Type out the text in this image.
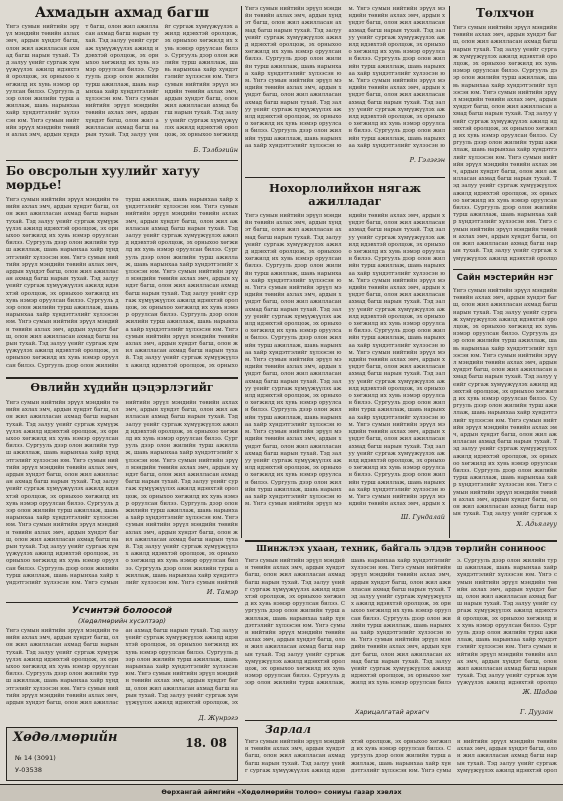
Ахмадын ахмад багш
Үнгэ сумын нийтийн эрүүл мэндийн төвийн ахлах эмч, ардын хүндэт багш, олон жил ажилласан ахмад багш нарын тухай. Тэд залуу үеийг сургаж хүмүүжүүлэх ажилд идэвхтэй оролцож, эх орныхоо хөгжилд их хувь нэмэр оруулсан билээ. Сургууль дээр олон жилийн турш ажиллаж, шавь нарынхаа хайр хүндэтгэлийг хүлээсэн юм. Үнгэ сумын нийтийн эрүүл мэндийн төвийн ахлах эмч, ардын хүндэт багш, олон жил ажилласан ахмад багш нарын тухай. Тэд залуу үеийг сургаж хүмүүжүүлэх ажилд идэвхтэй оролцож, эх орныхоо хөгжилд их хувь нэмэр оруулсан билээ. Сургууль дээр олон жилийн турш ажиллаж, шавь нарынхаа хайр хүндэтгэлийг хүлээсэн юм. Үнгэ сумын нийтийн эрүүл мэндийн төвийн ахлах эмч, ардын хүндэт багш, олон жил ажилласан ахмад багш нарын тухай. Тэд залуу үеийг сургаж хүмүүжүүлэх ажилд идэвхтэй оролцож, эх орныхоо хөгжилд их хувь нэмэр оруулсан билээ. Сургууль дээр олон жилийн турш ажиллаж, шавь нарынхаа хайр хүндэтгэлийг хүлээсэн юм. Үнгэ сумын нийтийн эрүүл мэндийн төвийн ахлах эмч, ардын хүндэт багш, олон жил ажилласан ахмад багш нарын тухай. Тэд залуу үеийг сургаж хүмүүжүүлэх ажилд идэвхтэй оролцож, эх орныхоо хөгжилд
Б. Тэлбэгийн
Бо овсролын хуулийг хатуу мөрдье!
Үнгэ сумын нийтийн эрүүл мэндийн төвийн ахлах эмч, ардын хүндэт багш, олон жил ажилласан ахмад багш нарын тухай. Тэд залуу үеийг сургаж хүмүүжүүлэх ажилд идэвхтэй оролцож, эх орныхоо хөгжилд их хувь нэмэр оруулсан билээ. Сургууль дээр олон жилийн турш ажиллаж, шавь нарынхаа хайр хүндэтгэлийг хүлээсэн юм. Үнгэ сумын нийтийн эрүүл мэндийн төвийн ахлах эмч, ардын хүндэт багш, олон жил ажилласан ахмад багш нарын тухай. Тэд залуу үеийг сургаж хүмүүжүүлэх ажилд идэвхтэй оролцож, эх орныхоо хөгжилд их хувь нэмэр оруулсан билээ. Сургууль дээр олон жилийн турш ажиллаж, шавь нарынхаа хайр хүндэтгэлийг хүлээсэн юм. Үнгэ сумын нийтийн эрүүл мэндийн төвийн ахлах эмч, ардын хүндэт багш, олон жил ажилласан ахмад багш нарын тухай. Тэд залуу үеийг сургаж хүмүүжүүлэх ажилд идэвхтэй оролцож, эх орныхоо хөгжилд их хувь нэмэр оруулсан билээ. Сургууль дээр олон жилийн турш ажиллаж, шавь нарынхаа хайр хүндэтгэлийг хүлээсэн юм. Үнгэ сумын нийтийн эрүүл мэндийн төвийн ахлах эмч, ардын хүндэт багш, олон жил ажилласан ахмад багш нарын тухай. Тэд залуу үеийг сургаж хүмүүжүүлэх ажилд идэвхтэй оролцож, эх орныхоо хөгжилд их хувь нэмэр оруулсан билээ. Сургууль дээр олон жилийн турш ажиллаж, шавь нарынхаа хайр хүндэтгэлийг хүлээсэн юм. Үнгэ сумын нийтийн эрүүл мэндийн төвийн ахлах эмч, ардын хүндэт багш, олон жил ажилласан ахмад багш нарын тухай. Тэд залуу үеийг сургаж хүмүүжүүлэх ажилд идэвхтэй оролцож, эх орныхоо хөгжилд их хувь нэмэр оруулсан билээ. Сургууль дээр олон жилийн турш ажиллаж, шавь нарынхаа хайр хүндэтгэлийг хүлээсэн юм. Үнгэ сумын нийтийн эрүүл мэндийн төвийн ахлах эмч, ардын хүндэт багш, олон жил ажилласан ахмад багш нарын тухай. Тэд залуу үеийг сургаж хүмүүжүүлэх ажилд идэвхтэй оролцож, эх орныхо
Өвлийн хүдийн цэцэрлэгийг
Үнгэ сумын нийтийн эрүүл мэндийн төвийн ахлах эмч, ардын хүндэт багш, олон жил ажилласан ахмад багш нарын тухай. Тэд залуу үеийг сургаж хүмүүжүүлэх ажилд идэвхтэй оролцож, эх орныхоо хөгжилд их хувь нэмэр оруулсан билээ. Сургууль дээр олон жилийн турш ажиллаж, шавь нарынхаа хайр хүндэтгэлийг хүлээсэн юм. Үнгэ сумын нийтийн эрүүл мэндийн төвийн ахлах эмч, ардын хүндэт багш, олон жил ажилласан ахмад багш нарын тухай. Тэд залуу үеийг сургаж хүмүүжүүлэх ажилд идэвхтэй оролцож, эх орныхоо хөгжилд их хувь нэмэр оруулсан билээ. Сургууль дээр олон жилийн турш ажиллаж, шавь нарынхаа хайр хүндэтгэлийг хүлээсэн юм. Үнгэ сумын нийтийн эрүүл мэндийн төвийн ахлах эмч, ардын хүндэт багш, олон жил ажилласан ахмад багш нарын тухай. Тэд залуу үеийг сургаж хүмүүжүүлэх ажилд идэвхтэй оролцож, эх орныхоо хөгжилд их хувь нэмэр оруулсан билээ. Сургууль дээр олон жилийн турш ажиллаж, шавь нарынхаа хайр хүндэтгэлийг хүлээсэн юм. Үнгэ сумын нийтийн эрүүл мэндийн төвийн ахлах эмч, ардын хүндэт багш, олон жил ажилласан ахмад багш нарын тухай. Тэд залуу үеийг сургаж хүмүүжүүлэх ажилд идэвхтэй оролцож, эх орныхоо хөгжилд их хувь нэмэр оруулсан билээ. Сургууль дээр олон жилийн турш ажиллаж, шавь нарынхаа хайр хүндэтгэлийг хүлээсэн юм. Үнгэ сумын нийтийн эрүүл мэндийн төвийн ахлах эмч, ардын хүндэт багш, олон жил ажилласан ахмад багш нарын тухай. Тэд залуу үеийг сургаж хүмүүжүүлэх ажилд идэвхтэй оролцож, эх орныхоо хөгжилд их хувь нэмэр оруулсан билээ. Сургууль дээр олон жилийн турш ажиллаж, шавь нарынхаа хайр хүндэтгэлийг хүлээсэн юм. Үнгэ сумын нийтийн эрүүл мэндийн төвийн ахлах эмч, ардын хүндэт багш, олон жил ажилласан ахмад багш нарын тухай. Тэд залуу үеийг сургаж хүмүүжүүлэх ажилд идэвхтэй оролцож, эх орныхоо хөгжилд их хувь нэмэр оруулсан билээ. Сургууль дээр олон жилийн турш ажиллаж, шавь нарынхаа хайр хүндэтгэлийг хүлээсэн юм. Үнгэ сумын нийтий
И. Тамэр
Усчинтэй болоосой
(Хөдөлмөрийн хүсэлтээр)
Үнгэ сумын нийтийн эрүүл мэндийн төвийн ахлах эмч, ардын хүндэт багш, олон жил ажилласан ахмад багш нарын тухай. Тэд залуу үеийг сургаж хүмүүжүүлэх ажилд идэвхтэй оролцож, эх орныхоо хөгжилд их хувь нэмэр оруулсан билээ. Сургууль дээр олон жилийн турш ажиллаж, шавь нарынхаа хайр хүндэтгэлийг хүлээсэн юм. Үнгэ сумын нийтийн эрүүл мэндийн төвийн ахлах эмч, ардын хүндэт багш, олон жил ажилласан ахмад багш нарын тухай. Тэд залуу үеийг сургаж хүмүүжүүлэх ажилд идэвхтэй оролцож, эх орныхоо хөгжилд их хувь нэмэр оруулсан билээ. Сургууль дээр олон жилийн турш ажиллаж, шавь нарынхаа хайр хүндэтгэлийг хүлээсэн юм. Үнгэ сумын нийтийн эрүүл мэндийн төвийн ахлах эмч, ардын хүндэт багш, олон жил ажилласан ахмад багш нарын тухай. Тэд залуу үеийг сургаж хүмүүжүүлэх ажилд идэвхтэй оролцож, эх
Д. Жүнрэгэ
Хөдөлмөрийн
№ 14 (3091)
У-03538
18. 08
Үнгэ сумын нийтийн эрүүл мэндийн төвийн ахлах эмч, ардын хүндэт багш, олон жил ажилласан ахмад багш нарын тухай. Тэд залуу үеийг сургаж хүмүүжүүлэх ажилд идэвхтэй оролцож, эх орныхоо хөгжилд их хувь нэмэр оруулсан билээ. Сургууль дээр олон жилийн турш ажиллаж, шавь нарынхаа хайр хүндэтгэлийг хүлээсэн юм. Үнгэ сумын нийтийн эрүүл мэндийн төвийн ахлах эмч, ардын хүндэт багш, олон жил ажилласан ахмад багш нарын тухай. Тэд залуу үеийг сургаж хүмүүжүүлэх ажилд идэвхтэй оролцож, эх орныхоо хөгжилд их хувь нэмэр оруулсан билээ. Сургууль дээр олон жилийн турш ажиллаж, шавь нарынхаа хайр хүндэтгэлийг хүлээсэн юм. Үнгэ сумын нийтийн эрүүл мэндийн төвийн ахлах эмч, ардын хүндэт багш, олон жил ажилласан ахмад багш нарын тухай. Тэд залуу үеийг сургаж хүмүүжүүлэх ажилд идэвхтэй оролцож, эх орныхоо хөгжилд их хувь нэмэр оруулсан билээ. Сургууль дээр олон жилийн турш ажиллаж, шавь нарынхаа хайр хүндэтгэлийг хүлээсэн юм. Үнгэ сумын нийтийн эрүүл мэндийн төвийн ахлах эмч, ардын хүндэт багш, олон жил ажилласан ахмад багш нарын тухай. Тэд залуу үеийг сургаж хүмүүжүүлэх ажилд идэвхтэй оролцож, эх орныхоо хөгжилд их хувь нэмэр оруулсан билээ. Сургууль дээр олон жилийн турш ажиллаж, шавь нарынхаа хайр хүндэтгэлийг хүлээсэн ю
Р. Гэлэгэн
Нохорлолийхон нягаж ажилладаг
Үнгэ сумын нийтийн эрүүл мэндийн төвийн ахлах эмч, ардын хүндэт багш, олон жил ажилласан ахмад багш нарын тухай. Тэд залуу үеийг сургаж хүмүүжүүлэх ажилд идэвхтэй оролцож, эх орныхоо хөгжилд их хувь нэмэр оруулсан билээ. Сургууль дээр олон жилийн турш ажиллаж, шавь нарынхаа хайр хүндэтгэлийг хүлээсэн юм. Үнгэ сумын нийтийн эрүүл мэндийн төвийн ахлах эмч, ардын хүндэт багш, олон жил ажилласан ахмад багш нарын тухай. Тэд залуу үеийг сургаж хүмүүжүүлэх ажилд идэвхтэй оролцож, эх орныхоо хөгжилд их хувь нэмэр оруулсан билээ. Сургууль дээр олон жилийн турш ажиллаж, шавь нарынхаа хайр хүндэтгэлийг хүлээсэн юм. Үнгэ сумын нийтийн эрүүл мэндийн төвийн ахлах эмч, ардын хүндэт багш, олон жил ажилласан ахмад багш нарын тухай. Тэд залуу үеийг сургаж хүмүүжүүлэх ажилд идэвхтэй оролцож, эх орныхоо хөгжилд их хувь нэмэр оруулсан билээ. Сургууль дээр олон жилийн турш ажиллаж, шавь нарынхаа хайр хүндэтгэлийг хүлээсэн юм. Үнгэ сумын нийтийн эрүүл мэндийн төвийн ахлах эмч, ардын хүндэт багш, олон жил ажилласан ахмад багш нарын тухай. Тэд залуу үеийг сургаж хүмүүжүүлэх ажилд идэвхтэй оролцож, эх орныхоо хөгжилд их хувь нэмэр оруулсан билээ. Сургууль дээр олон жилийн турш ажиллаж, шавь нарынхаа хайр хүндэтгэлийг хүлээсэн юм. Үнгэ сумын нийтийн эрүүл мэндийн төвийн ахлах эмч, ардын хүндэт багш, олон жил ажилласан ахмад багш нарын тухай. Тэд залуу үеийг сургаж хүмүүжүүлэх ажилд идэвхтэй оролцож, эх орныхоо хөгжилд их хувь нэмэр оруулсан билээ. Сургууль дээр олон жилийн турш ажиллаж, шавь нарынхаа хайр хүндэтгэлийг хүлээсэн юм. Үнгэ сумын нийтийн эрүүл мэндийн төвийн ахлах эмч, ардын хүндэт багш, олон жил ажилласан ахмад багш нарын тухай. Тэд залуу үеийг сургаж хүмүүжүүлэх ажилд идэвхтэй оролцож, эх орныхоо хөгжилд их хувь нэмэр оруулсан билээ. Сургууль дээр олон жилийн турш ажиллаж, шавь нарынхаа хайр хүндэтгэлийг хүлээсэн юм. Үнгэ сумын нийтийн эрүүл мэндийн төвийн ахлах эмч, ардын хүндэт багш, олон жил ажилласан ахмад багш нарын тухай. Тэд залуу үеийг сургаж хүмүүжүүлэх ажилд идэвхтэй оролцож, эх орныхоо хөгжилд их хувь нэмэр оруулсан билээ. Сургууль дээр олон жилийн турш ажиллаж, шавь нарынхаа хайр хүндэтгэлийг хүлээсэн юм. Үнгэ сумын нийтийн эрүүл мэндийн төвийн ахлах эмч, ардын хүндэт багш, олон жил ажилласан ахмад багш нарын тухай. Тэд залуу үеийг сургаж хүмүүжүүлэх ажилд идэвхтэй оролцож, эх орныхоо хөгжилд их хувь нэмэр оруулсан билээ. Сургууль дээр олон жилийн турш ажиллаж, шавь нарынхаа хайр хүндэтгэлийг хүлээсэн юм. Үнгэ сумын нийтийн эрүүл мэндийн төвийн ахлах эмч, ардын х
Ш. Гундалай
Төлхчон
Үнгэ сумын нийтийн эрүүл мэндийн төвийн ахлах эмч, ардын хүндэт багш, олон жил ажилласан ахмад багш нарын тухай. Тэд залуу үеийг сургаж хүмүүжүүлэх ажилд идэвхтэй оролцож, эх орныхоо хөгжилд их хувь нэмэр оруулсан билээ. Сургууль дээр олон жилийн турш ажиллаж, шавь нарынхаа хайр хүндэтгэлийг хүлээсэн юм. Үнгэ сумын нийтийн эрүүл мэндийн төвийн ахлах эмч, ардын хүндэт багш, олон жил ажилласан ахмад багш нарын тухай. Тэд залуу үеийг сургаж хүмүүжүүлэх ажилд идэвхтэй оролцож, эх орныхоо хөгжилд их хувь нэмэр оруулсан билээ. Сургууль дээр олон жилийн турш ажиллаж, шавь нарынхаа хайр хүндэтгэлийг хүлээсэн юм. Үнгэ сумын нийтийн эрүүл мэндийн төвийн ахлах эмч, ардын хүндэт багш, олон жил ажилласан ахмад багш нарын тухай. Тэд залуу үеийг сургаж хүмүүжүүлэх ажилд идэвхтэй оролцож, эх орныхоо хөгжилд их хувь нэмэр оруулсан билээ. Сургууль дээр олон жилийн турш ажиллаж, шавь нарынхаа хайр хүндэтгэлийг хүлээсэн юм. Үнгэ сумын нийтийн эрүүл мэндийн төвийн ахлах эмч, ардын хүндэт багш, олон жил ажилласан ахмад багш нарын тухай. Тэд залуу үеийг сургаж хүмүүжүүлэх ажилд идэвхтэй оролцо
Сайн мэстерийн нэг
Үнгэ сумын нийтийн эрүүл мэндийн төвийн ахлах эмч, ардын хүндэт багш, олон жил ажилласан ахмад багш нарын тухай. Тэд залуу үеийг сургаж хүмүүжүүлэх ажилд идэвхтэй оролцож, эх орныхоо хөгжилд их хувь нэмэр оруулсан билээ. Сургууль дээр олон жилийн турш ажиллаж, шавь нарынхаа хайр хүндэтгэлийг хүлээсэн юм. Үнгэ сумын нийтийн эрүүл мэндийн төвийн ахлах эмч, ардын хүндэт багш, олон жил ажилласан ахмад багш нарын тухай. Тэд залуу үеийг сургаж хүмүүжүүлэх ажилд идэвхтэй оролцож, эх орныхоо хөгжилд их хувь нэмэр оруулсан билээ. Сургууль дээр олон жилийн турш ажиллаж, шавь нарынхаа хайр хүндэтгэлийг хүлээсэн юм. Үнгэ сумын нийтийн эрүүл мэндийн төвийн ахлах эмч, ардын хүндэт багш, олон жил ажилласан ахмад багш нарын тухай. Тэд залуу үеийг сургаж хүмүүжүүлэх ажилд идэвхтэй оролцож, эх орныхоо хөгжилд их хувь нэмэр оруулсан билээ. Сургууль дээр олон жилийн турш ажиллаж, шавь нарынхаа хайр хүндэтгэлийг хүлээсэн юм. Үнгэ сумын нийтийн эрүүл мэндийн төвийн ахлах эмч, ардын хүндэт багш, олон жил ажилласан ахмад багш нарын тухай. Тэд залуу үеийг сургаж х
Х. Адьялгүу
Шинжлэх ухаан, техник, байгаль элдэв төрлийн сониноос
Үнгэ сумын нийтийн эрүүл мэндийн төвийн ахлах эмч, ардын хүндэт багш, олон жил ажилласан ахмад багш нарын тухай. Тэд залуу үеийг сургаж хүмүүжүүлэх ажилд идэвхтэй оролцож, эх орныхоо хөгжилд их хувь нэмэр оруулсан билээ. Сургууль дээр олон жилийн турш ажиллаж, шавь нарынхаа хайр хүндэтгэлийг хүлээсэн юм. Үнгэ сумын нийтийн эрүүл мэндийн төвийн ахлах эмч, ардын хүндэт багш, олон жил ажилласан ахмад багш нарын тухай. Тэд залуу үеийг сургаж хүмүүжүүлэх ажилд идэвхтэй оролцож, эх орныхоо хөгжилд их хувь нэмэр оруулсан билээ. Сургууль дээр олон жилийн турш ажиллаж, шавь нарынхаа хайр хүндэтгэлийг хүлээсэн юм. Үнгэ сумын нийтийн эрүүл мэндийн төвийн ахлах эмч, ардын хүндэт багш, олон жил ажилласан ахмад багш нарын тухай. Тэд залуу үеийг сургаж хүмүүжүүлэх ажилд идэвхтэй оролцож, эх орныхоо хөгжилд их хувь нэмэр оруулсан билээ. Сургууль дээр олон жилийн турш ажиллаж, шавь нарынхаа хайр хүндэтгэлийг хүлээсэн юм. Үнгэ сумын нийтийн эрүүл мэндийн төвийн ахлах эмч, ардын хүндэт багш, олон жил ажилласан ахмад багш нарын тухай. Тэд залуу үеийг сургаж хүмүүжүүлэх ажилд идэвхтэй оролцож, эх орныхоо хөгжилд их хувь нэмэр оруулсан билээ. Сургууль дээр олон жилийн турш ажиллаж, шавь нарынхаа хайр хүндэтгэлийг хүлээсэн юм. Үнгэ сумын нийтийн эрүүл мэндийн төвийн ахлах эмч, ардын хүндэт багш, олон жил ажилласан ахмад багш нарын тухай. Тэд залуу үеийг сургаж хүмүүжүүлэх ажилд идэвхтэй оролцож, эх орныхоо хөгжилд их хувь нэмэр оруулсан билээ. Сургууль дээр олон жилийн турш ажиллаж, шавь нарынхаа хайр хүндэтгэлийг хүлээсэн юм. Үнгэ сумын нийтийн эрүүл мэндийн төвийн ахлах эмч, ардын хүндэт багш, олон жил ажилласан ахмад багш нарын тухай. Тэд залуу үеийг сургаж хүмүүжүүлэх ажилд идэвхтэй оролцо
Ж. Шадав
Харицалгатай архагч	Г. Дуузан
Зарлал
Үнгэ сумын нийтийн эрүүл мэндийн төвийн ахлах эмч, ардын хүндэт багш, олон жил ажилласан ахмад багш нарын тухай. Тэд залуу үеийг сургаж хүмүүжүүлэх ажилд идэвхтэй оролцож, эх орныхоо хөгжилд их хувь нэмэр оруулсан билээ. Сургууль дээр олон жилийн турш ажиллаж, шавь нарынхаа хайр хүндэтгэлийг хүлээсэн юм. Үнгэ сумын нийтийн эрүүл мэндийн төвийн ахлах эмч, ардын хүндэт багш, олон жил ажилласан ахмад багш нарын тухай. Тэд залуу үеийг сургаж хүмүүжүүлэх ажилд идэвхтэй орол
Өөрхангай аймгийн «Хөдөлмөрийн толоо» сониуы газар хэвлэх
